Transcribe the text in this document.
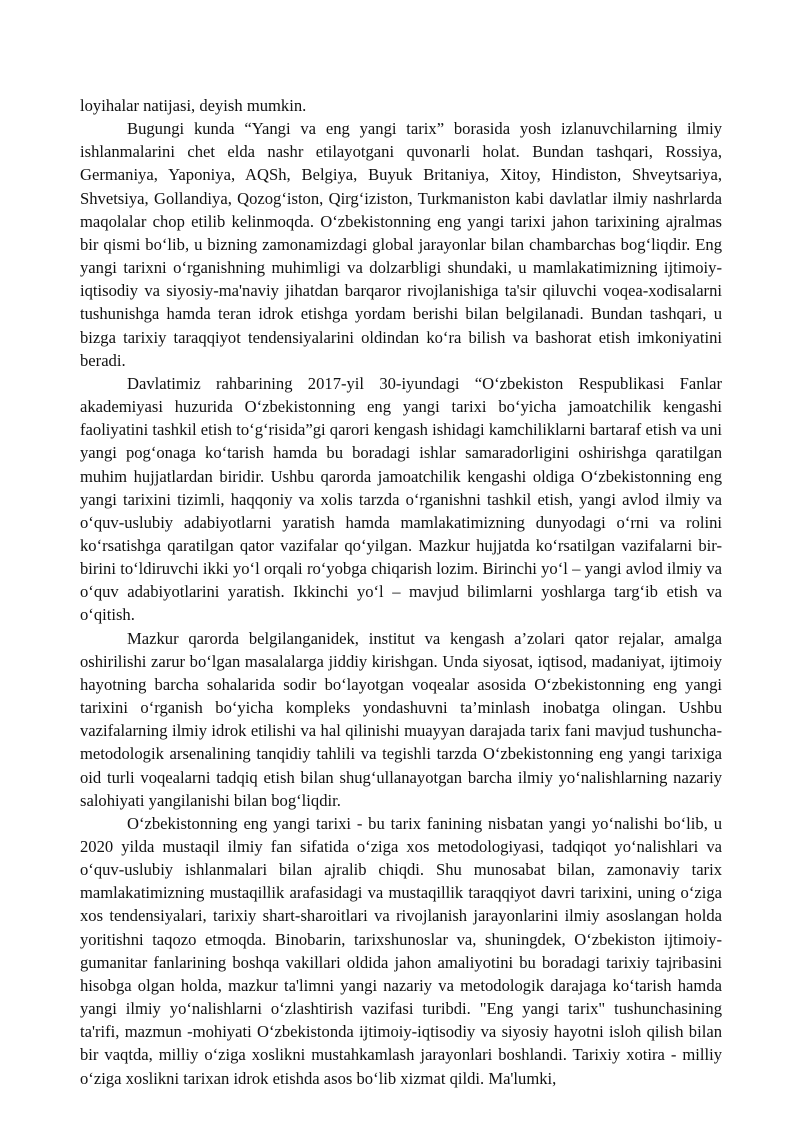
loyihalar natijasi, deyish mumkin.

Bugungi kunda “Yangi va eng yangi tarix” borasida yosh izlanuvchilarning ilmiy ishlanmalarini chet elda nashr etilayotgani quvonarli holat. Bundan tashqari, Rossiya, Germaniya, Yaponiya, AQSh, Belgiya, Buyuk Britaniya, Xitoy, Hindiston, Shveytsariya, Shvetsiya, Gollandiya, Qozog‘iston, Qirg‘iziston, Turkmaniston kabi davlatlar ilmiy nashrlarda maqolalar chop etilib kelinmoqda. O‘zbekistonning eng yangi tarixi jahon tarixining ajralmas bir qismi bo‘lib, u bizning zamonamizdagi global jarayonlar bilan chambarchas bog‘liqdir. Eng yangi tarixni o‘rganishning muhimligi va dolzarbligi shundaki, u mamlakatimizning ijtimoiy-iqtisodiy va siyosiy-ma'naviy jihatdan barqaror rivojlanishiga ta'sir qiluvchi voqea-xodisalarni tushunishga hamda teran idrok etishga yordam berishi bilan belgilanadi. Bundan tashqari, u bizga tarixiy taraqqiyot tendensiyalarini oldindan ko‘ra bilish va bashorat etish imkoniyatini beradi.

Davlatimiz rahbarining 2017-yil 30-iyundagi “O‘zbekiston Respublikasi Fanlar akademiyasi huzurida O‘zbekistonning eng yangi tarixi bo‘yicha jamoatchilik kengashi faoliyatini tashkil etish to‘g‘risida”gi qarori kengash ishidagi kamchiliklarni bartaraf etish va uni yangi pog‘onaga ko‘tarish hamda bu boradagi ishlar samaradorligini oshirishga qaratilgan muhim hujjatlardan biridir. Ushbu qarorda jamoatchilik kengashi oldiga O‘zbekistonning eng yangi tarixini tizimli, haqqoniy va xolis tarzda o‘rganishni tashkil etish, yangi avlod ilmiy va o‘quv-uslubiy adabiyotlarni yaratish hamda mamlakatimizning dunyodagi o‘rni va rolini ko‘rsatishga qaratilgan qator vazifalar qo‘yilgan. Mazkur hujjatda ko‘rsatilgan vazifalarni bir-birini to‘ldiruvchi ikki yo‘l orqali ro‘yobga chiqarish lozim. Birinchi yo‘l – yangi avlod ilmiy va o‘quv adabiyotlarini yaratish. Ikkinchi yo‘l – mavjud bilimlarni yoshlarga targ‘ib etish va o‘qitish.

Mazkur qarorda belgilanganidek, institut va kengash a’zolari qator rejalar, amalga oshirilishi zarur bo‘lgan masalalarga jiddiy kirishgan. Unda siyosat, iqtisod, madaniyat, ijtimoiy hayotning barcha sohalarida sodir bo‘layotgan voqealar asosida O‘zbekistonning eng yangi tarixini o‘rganish bo‘yicha kompleks yondashuvni ta’minlash inobatga olingan. Ushbu vazifalarning ilmiy idrok etilishi va hal qilinishi muayyan darajada tarix fani mavjud tushuncha-metodologik arsenalining tanqidiy tahlili va tegishli tarzda O‘zbekistonning eng yangi tarixiga oid turli voqealarni tadqiq etish bilan shug‘ullanayotgan barcha ilmiy yo‘nalishlarning nazariy salohiyati yangilanishi bilan bog‘liqdir.

O‘zbekistonning eng yangi tarixi - bu tarix fanining nisbatan yangi yo‘nalishi bo‘lib, u 2020 yilda mustaqil ilmiy fan sifatida o‘ziga xos metodologiyasi, tadqiqot yo‘nalishlari va o‘quv-uslubiy ishlanmalari bilan ajralib chiqdi. Shu munosabat bilan, zamonaviy tarix mamlakatimizning mustaqillik arafasidagi va mustaqillik taraqqiyot davri tarixini, uning o‘ziga xos tendensiyalari, tarixiy shart-sharoitlari va rivojlanish jarayonlarini ilmiy asoslangan holda yoritishni taqozo etmoqda. Binobarin, tarixshunoslar va, shuningdek, O‘zbekiston ijtimoiy-gumanitar fanlarining boshqa vakillari oldida jahon amaliyotini bu boradagi tarixiy tajribasini hisobga olgan holda, mazkur ta'limni yangi nazariy va metodologik darajaga ko‘tarish hamda yangi ilmiy yo‘nalishlarni o‘zlashtirish vazifasi turibdi. "Eng yangi tarix" tushunchasining ta'rifi, mazmun -mohiyati O‘zbekistonda ijtimoiy-iqtisodiy va siyosiy hayotni isloh qilish bilan bir vaqtda, milliy o‘ziga xoslikni mustahkamlash jarayonlari boshlandi. Tarixiy xotira - milliy o‘ziga xoslikni tarixan idrok etishda asos bo‘lib xizmat qildi. Ma'lumki,
